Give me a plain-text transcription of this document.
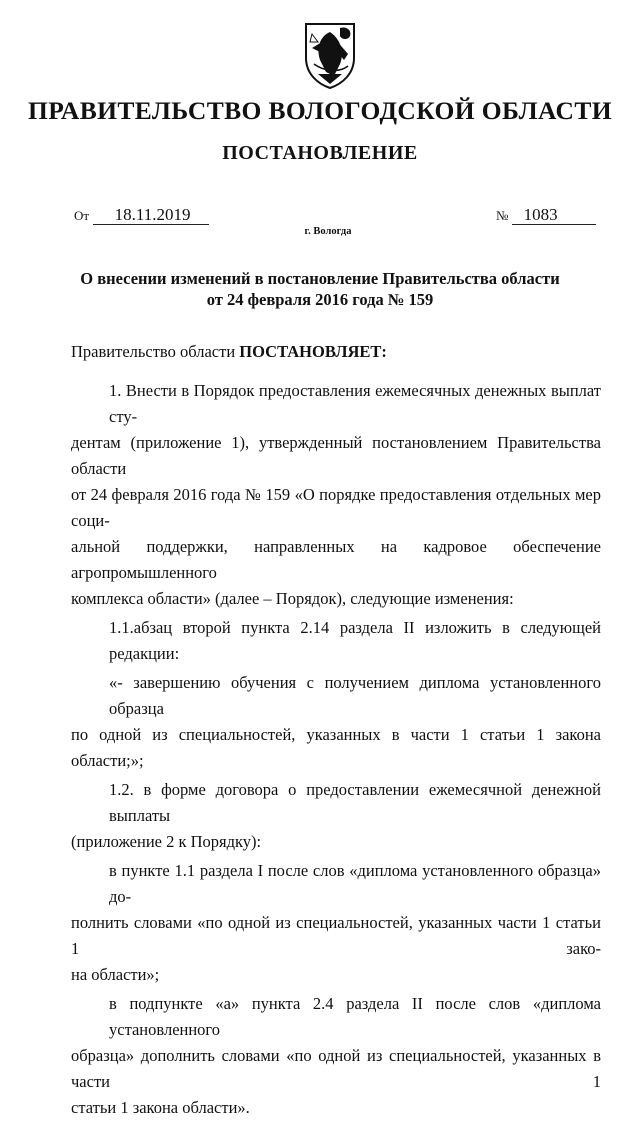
ПРАВИТЕЛЬСТВО ВОЛОГОДСКОЙ ОБЛАСТИ
ПОСТАНОВЛЕНИЕ
От 18.11.2019	№ 1083
г. Вологда
О внесении изменений в постановление Правительства области
от 24 февраля 2016 года № 159
Правительство области ПОСТАНОВЛЯЕТ:

1. Внести в Порядок предоставления ежемесячных денежных выплат сту-
дентам (приложение 1), утвержденный постановлением Правительства области
от 24 февраля 2016 года № 159 «О порядке предоставления отдельных мер соци-
альной поддержки, направленных на кадровое обеспечение агропромышленного
комплекса области» (далее – Порядок), следующие изменения:

1.1.абзац второй пункта 2.14 раздела II изложить в следующей редакции:

«- завершению обучения с получением диплома установленного образца
по одной из специальностей, указанных в части 1 статьи 1 закона области;»;

1.2. в форме договора о предоставлении ежемесячной денежной выплаты
(приложение 2 к Порядку):

в пункте 1.1 раздела I после слов «диплома установленного образца» до-
полнить словами «по одной из специальностей, указанных части 1 статьи 1 зако-
на области»;

в подпункте «а» пункта 2.4 раздела II после слов «диплома установленного
образца» дополнить словами «по одной из специальностей, указанных в части 1
статьи 1 закона области».
